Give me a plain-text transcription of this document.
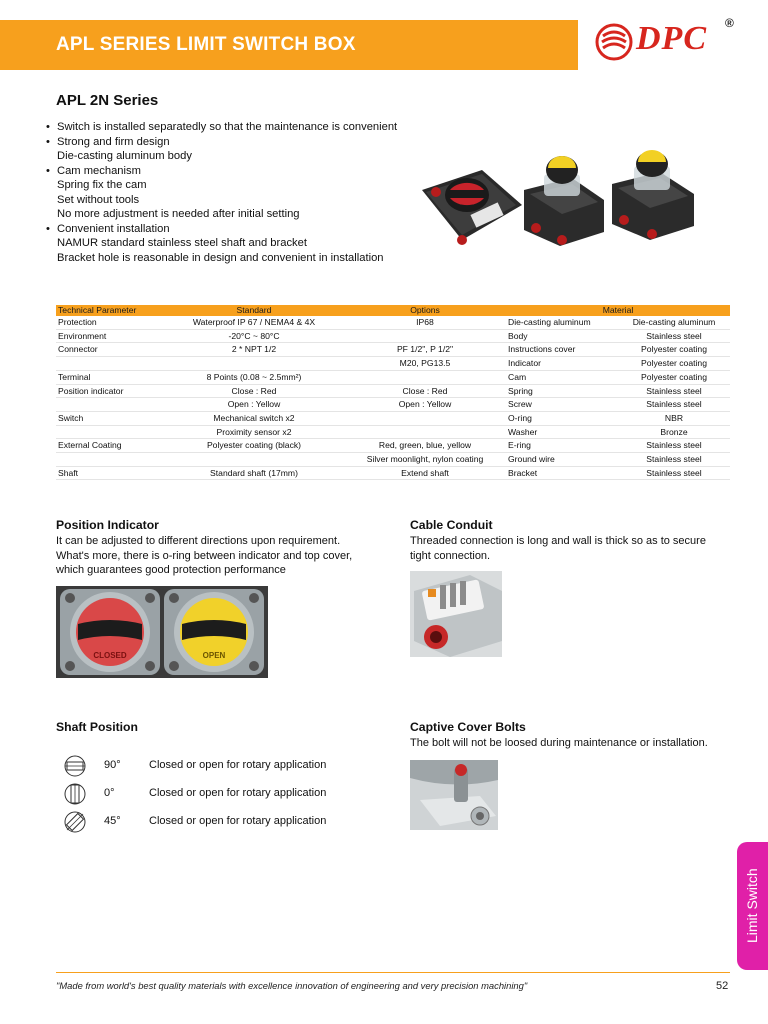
APL SERIES LIMIT SWITCH BOX	DPC ®
APL 2N Series
• Switch is installed separatedly so that the maintenance is convenient
• Strong and firm design
Die-casting aluminum body
• Cam mechanism
Spring fix the cam
Set without tools
No more adjustment is needed after initial setting
• Convenient installation
NAMUR standard stainless steel shaft and bracket
Bracket hole is reasonable in design and convenient in installation
Technical Parameter	Standard	Options	Material	
Protection	Waterproof IP 67 / NEMA4 & 4X	IP68	Die-casting aluminum	Die-casting aluminum
Environment	-20°C ~ 80°C		Body	Stainless steel
Connector	2 * NPT 1/2	PF 1/2", P 1/2"	Instructions cover	Polyester coating
		M20, PG13.5	Indicator	Polyester coating
Terminal	8 Points (0.08 ~ 2.5mm²)		Cam	Polyester coating
Position indicator	Close : Red	Close : Red	Spring	Stainless steel
	Open : Yellow	Open : Yellow	Screw	Stainless steel
Switch	Mechanical switch x2		O-ring	NBR
	Proximity sensor x2		Washer	Bronze
External Coating	Polyester coating (black)	Red, green, blue, yellow	E-ring	Stainless steel
		Silver moonlight, nylon coating	Ground wire	Stainless steel
Shaft	Standard shaft (17mm)	Extend shaft	Bracket	Stainless steel
Position Indicator
It can be adjusted to different directions upon requirement.
What's more, there is o-ring between indicator and top cover,
which guarantees good protection performance
CLOSED	OPEN
Cable Conduit
Threaded connection is long and wall is thick so as to secure
tight connection.
Shaft Position
90°	Closed or open for rotary application
0°	Closed or open for rotary application
45°	Closed or open for rotary application
Captive Cover Bolts
The bolt will not be loosed during maintenance or installation.
Limit Switch
"Made from world's best quality materials with excellence innovation of engineering and very precision machining"	52
